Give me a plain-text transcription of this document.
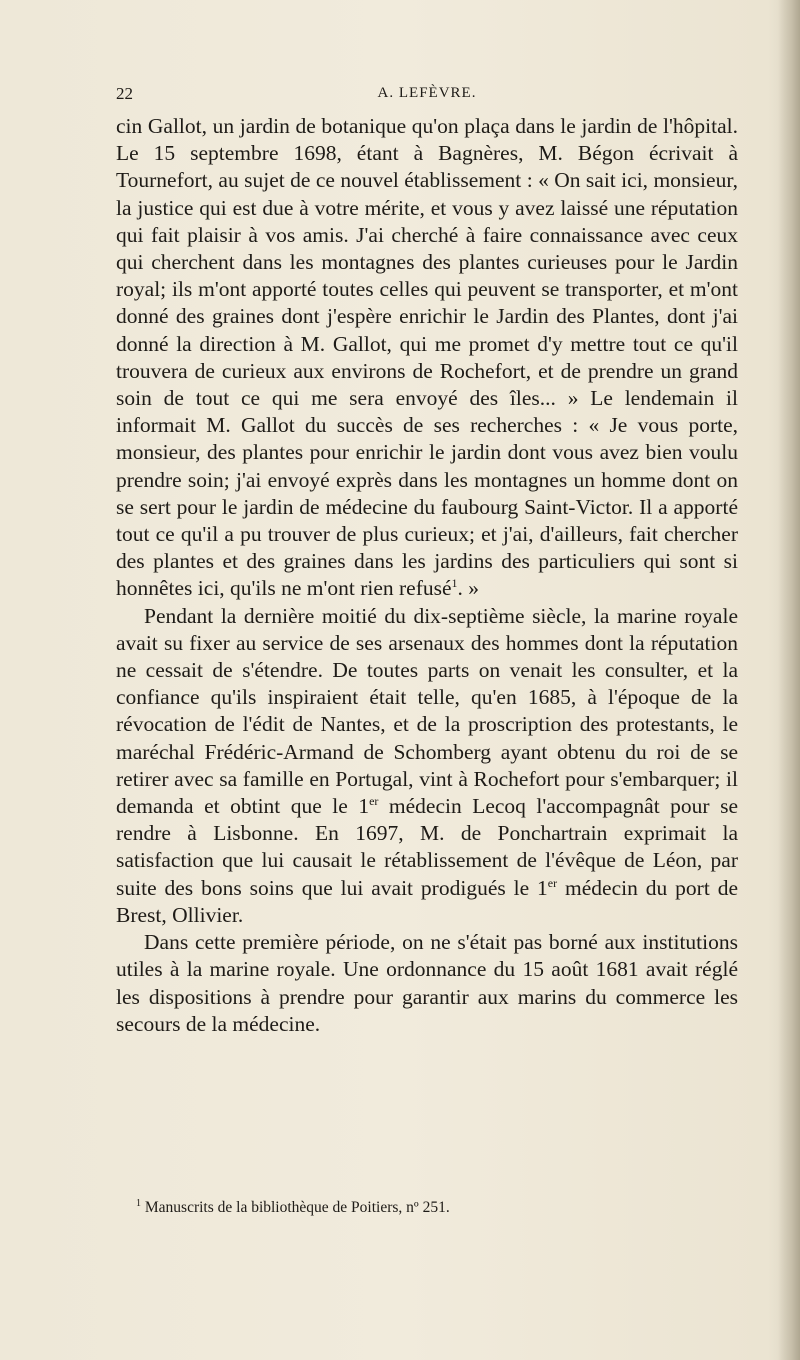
22	A. LEFÈVRE.

cin Gallot, un jardin de botanique qu'on plaça dans le jardin de l'hôpital. Le 15 septembre 1698, étant à Bagnères, M. Bégon écrivait à Tournefort, au sujet de ce nouvel établissement : « On sait ici, monsieur, la justice qui est due à votre mérite, et vous y avez laissé une réputation qui fait plaisir à vos amis. J'ai cherché à faire connaissance avec ceux qui cherchent dans les montagnes des plantes curieuses pour le Jardin royal; ils m'ont apporté toutes celles qui peuvent se transporter, et m'ont donné des graines dont j'espère enrichir le Jardin des Plantes, dont j'ai donné la direction à M. Gallot, qui me promet d'y mettre tout ce qu'il trouvera de curieux aux environs de Rochefort, et de prendre un grand soin de tout ce qui me sera envoyé des îles... » Le lendemain il informait M. Gallot du succès de ses recherches : « Je vous porte, monsieur, des plantes pour enrichir le jardin dont vous avez bien voulu prendre soin; j'ai envoyé exprès dans les montagnes un homme dont on se sert pour le jardin de médecine du faubourg Saint-Victor. Il a apporté tout ce qu'il a pu trouver de plus curieux; et j'ai, d'ailleurs, fait chercher des plantes et des graines dans les jardins des particuliers qui sont si honnêtes ici, qu'ils ne m'ont rien refusé$^1$. »

Pendant la dernière moitié du dix-septième siècle, la marine royale avait su fixer au service de ses arsenaux des hommes dont la réputation ne cessait de s'étendre. De toutes parts on venait les consulter, et la confiance qu'ils inspiraient était telle, qu'en 1685, à l'époque de la révocation de l'édit de Nantes, et de la proscription des protestants, le maréchal Frédéric-Armand de Schomberg ayant obtenu du roi de se retirer avec sa famille en Portugal, vint à Rochefort pour s'embarquer; il demanda et obtint que le 1er médecin Lecoq l'accompagnât pour se rendre à Lisbonne. En 1697, M. de Ponchartrain exprimait la satisfaction que lui causait le rétablissement de l'évêque de Léon, par suite des bons soins que lui avait prodigués le 1er médecin du port de Brest, Ollivier.

Dans cette première période, on ne s'était pas borné aux institutions utiles à la marine royale. Une ordonnance du 15 août 1681 avait réglé les dispositions à prendre pour garantir aux marins du commerce les secours de la médecine.

$^1$ Manuscrits de la bibliothèque de Poitiers, nº 251.
